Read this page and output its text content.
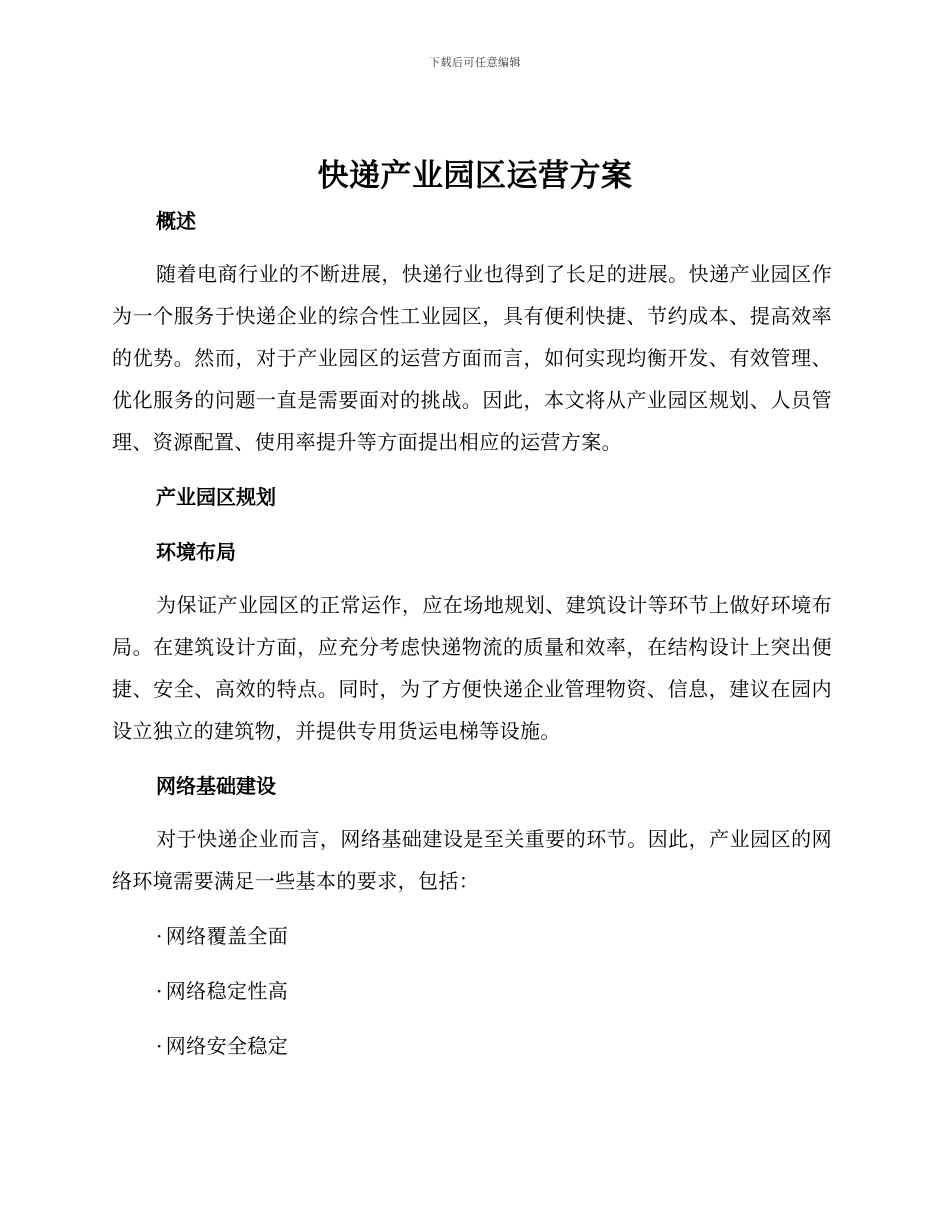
下载后可任意编辑
快递产业园区运营方案
概述

随着电商行业的不断进展，快递行业也得到了长足的进展。快递产业园区作为一个服务于快递企业的综合性工业园区，具有便利快捷、节约成本、提高效率的优势。然而，对于产业园区的运营方面而言，如何实现均衡开发、有效管理、优化服务的问题一直是需要面对的挑战。因此，本文将从产业园区规划、人员管理、资源配置、使用率提升等方面提出相应的运营方案。

产业园区规划
环境布局

为保证产业园区的正常运作，应在场地规划、建筑设计等环节上做好环境布局。在建筑设计方面，应充分考虑快递物流的质量和效率，在结构设计上突出便捷、安全、高效的特点。同时，为了方便快递企业管理物资、信息，建议在园内设立独立的建筑物，并提供专用货运电梯等设施。

网络基础建设

对于快递企业而言，网络基础建设是至关重要的环节。因此，产业园区的网络环境需要满足一些基本的要求，包括：

· 网络覆盖全面
· 网络稳定性高
· 网络安全稳定
